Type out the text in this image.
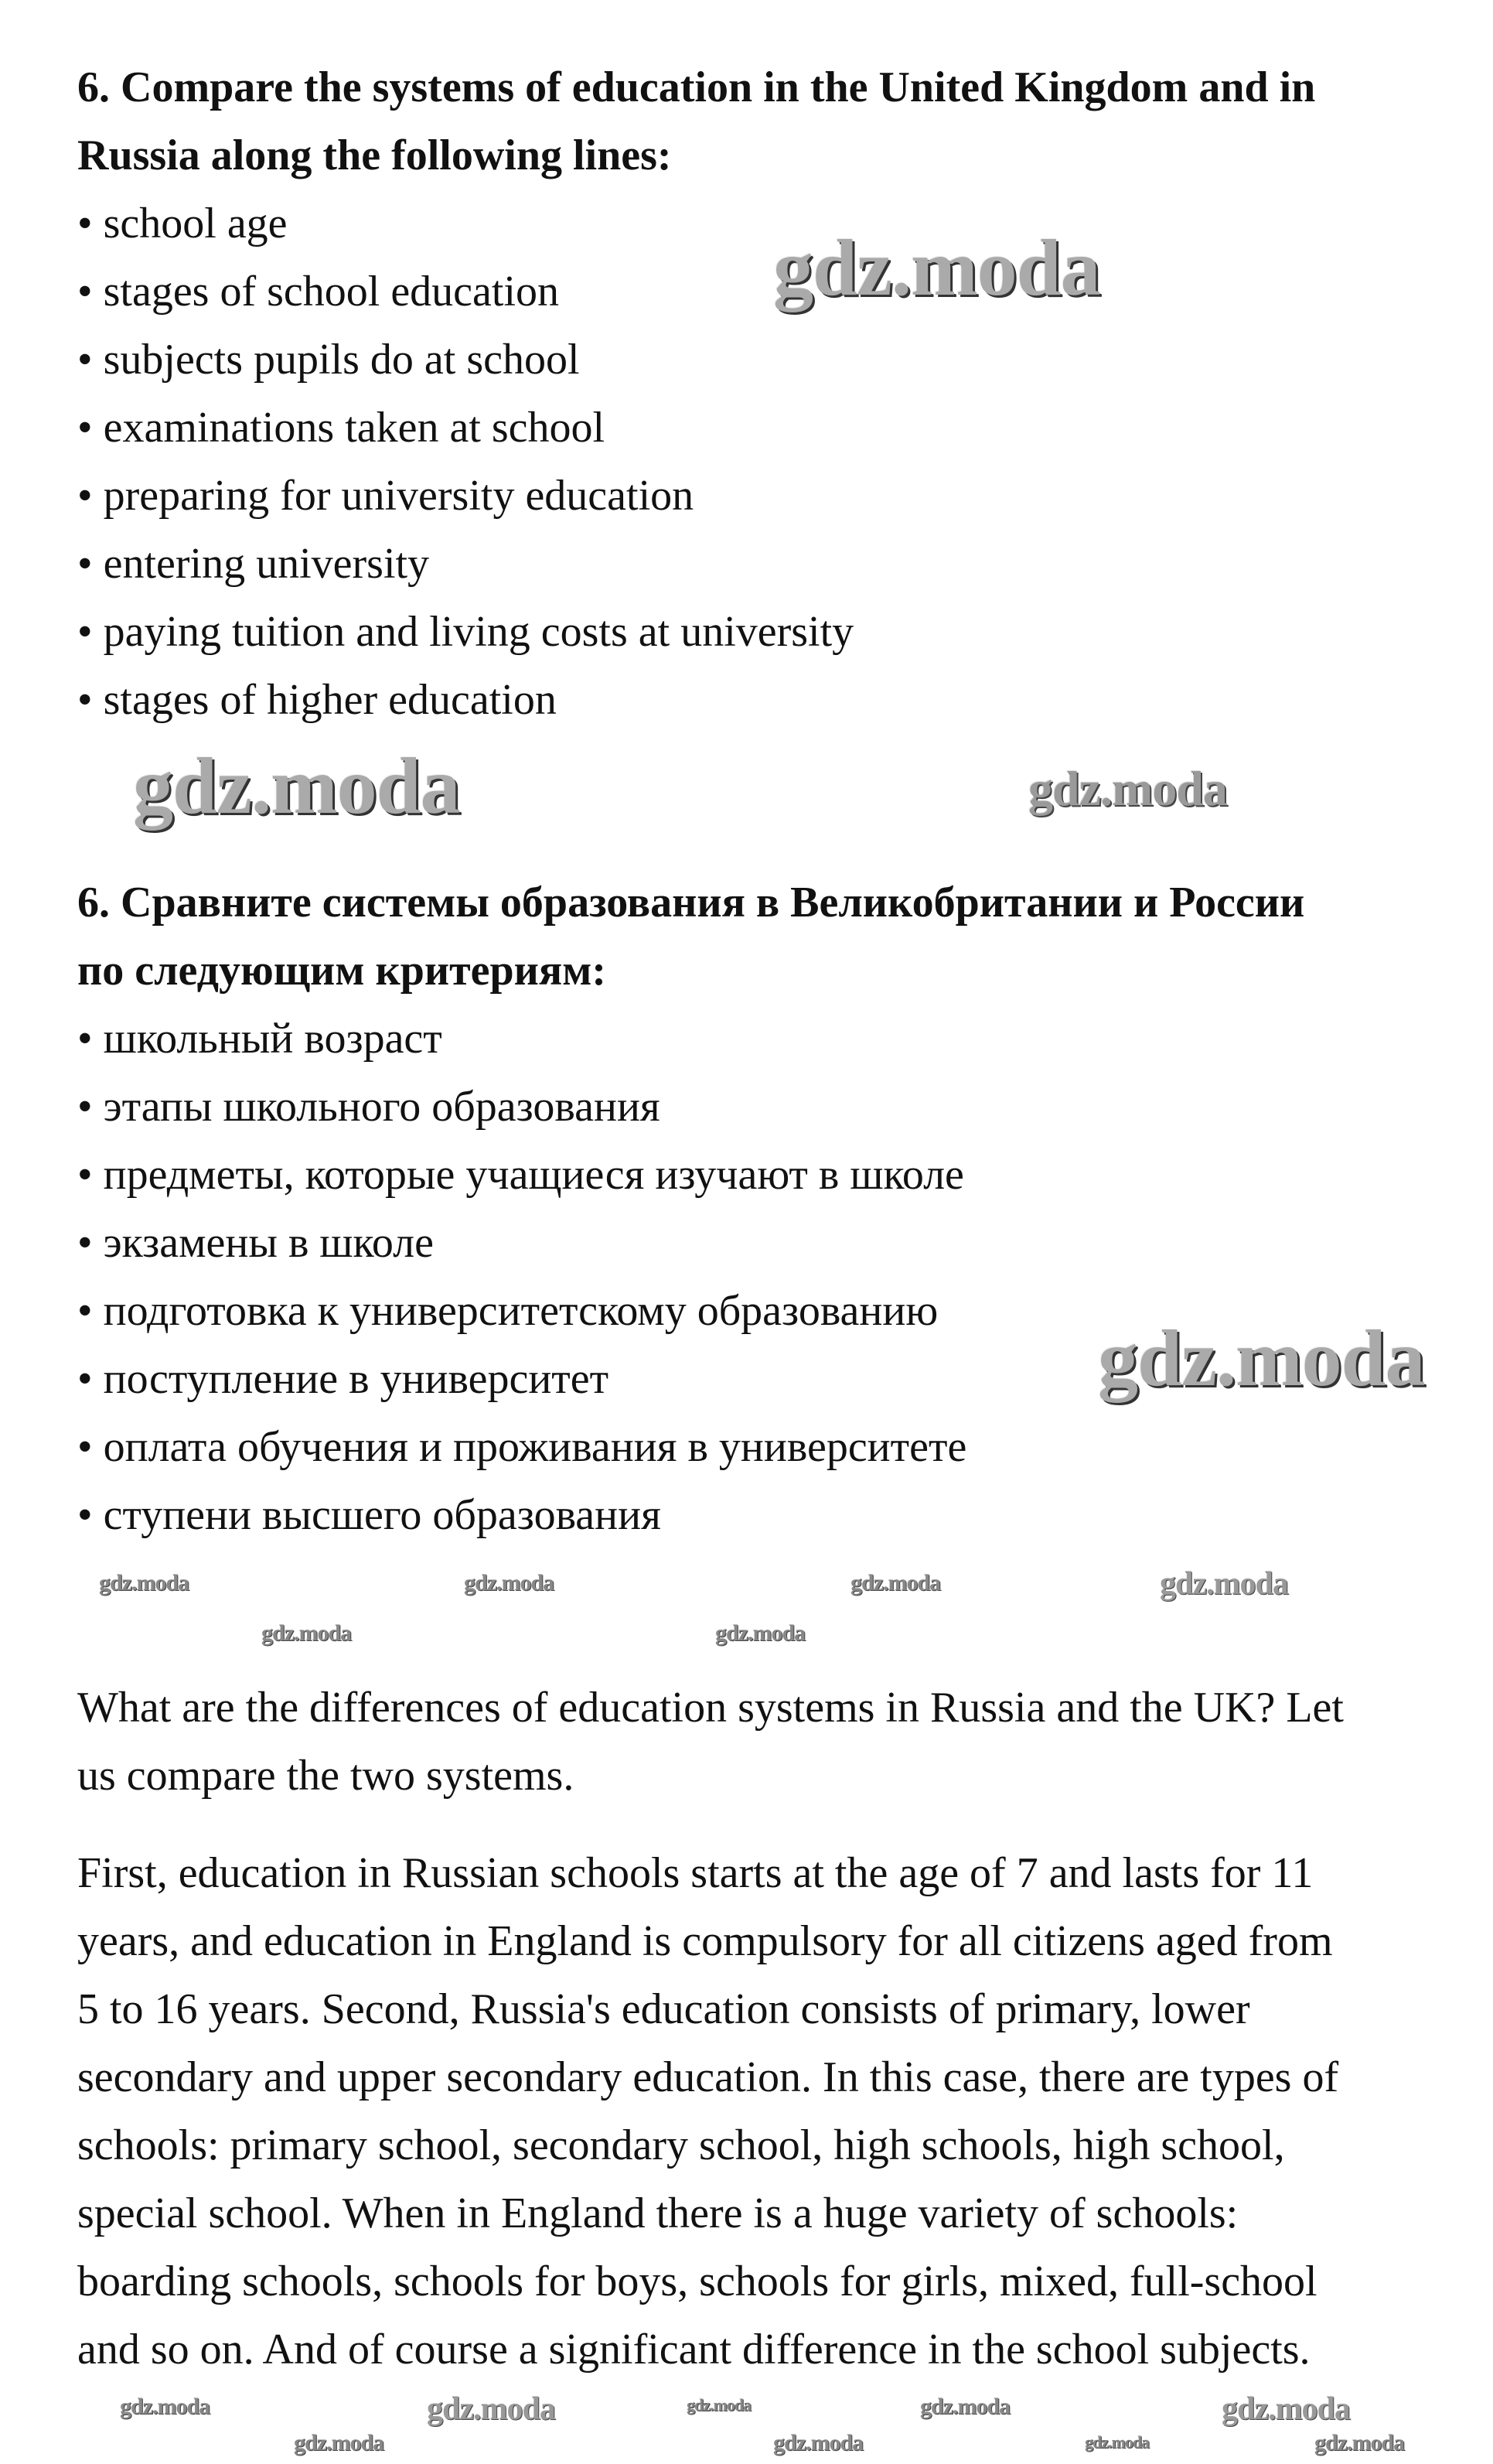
6. Compare the systems of education in the United Kingdom and in
Russia along the following lines:
• school age
• stages of school education
• subjects pupils do at school
• examinations taken at school
• preparing for university education
• entering university
• paying tuition and living costs at university
• stages of higher education
6. Сравните системы образования в Великобритании и России
по следующим критериям:
• школьный возраст
• этапы школьного образования
• предметы, которые учащиеся изучают в школе
• экзамены в школе
• подготовка к университетскому образованию
• поступление в университет
• оплата обучения и проживания в университете
• ступени высшего образования
What are the differences of education systems in Russia and the UK? Let
us compare the two systems.
First, education in Russian schools starts at the age of 7 and lasts for 11
years, and education in England is compulsory for all citizens aged from
5 to 16 years. Second, Russia's education consists of primary, lower
secondary and upper secondary education. In this case, there are types of
schools: primary school, secondary school, high schools, high school,
special school. When in England there is a huge variety of schools:
boarding schools, schools for boys, schools for girls, mixed, full-school
and so on. And of course a significant difference in the school subjects.
gdz.moda
gdz.moda	gdz.moda
gdz.moda
gdz.moda	gdz.moda	gdz.moda	gdz.moda
gdz.moda	gdz.moda
gdz.moda	gdz.moda	gdz.moda	gdz.moda	gdz.moda
gdz.moda	gdz.moda	gdz.moda	gdz.moda
